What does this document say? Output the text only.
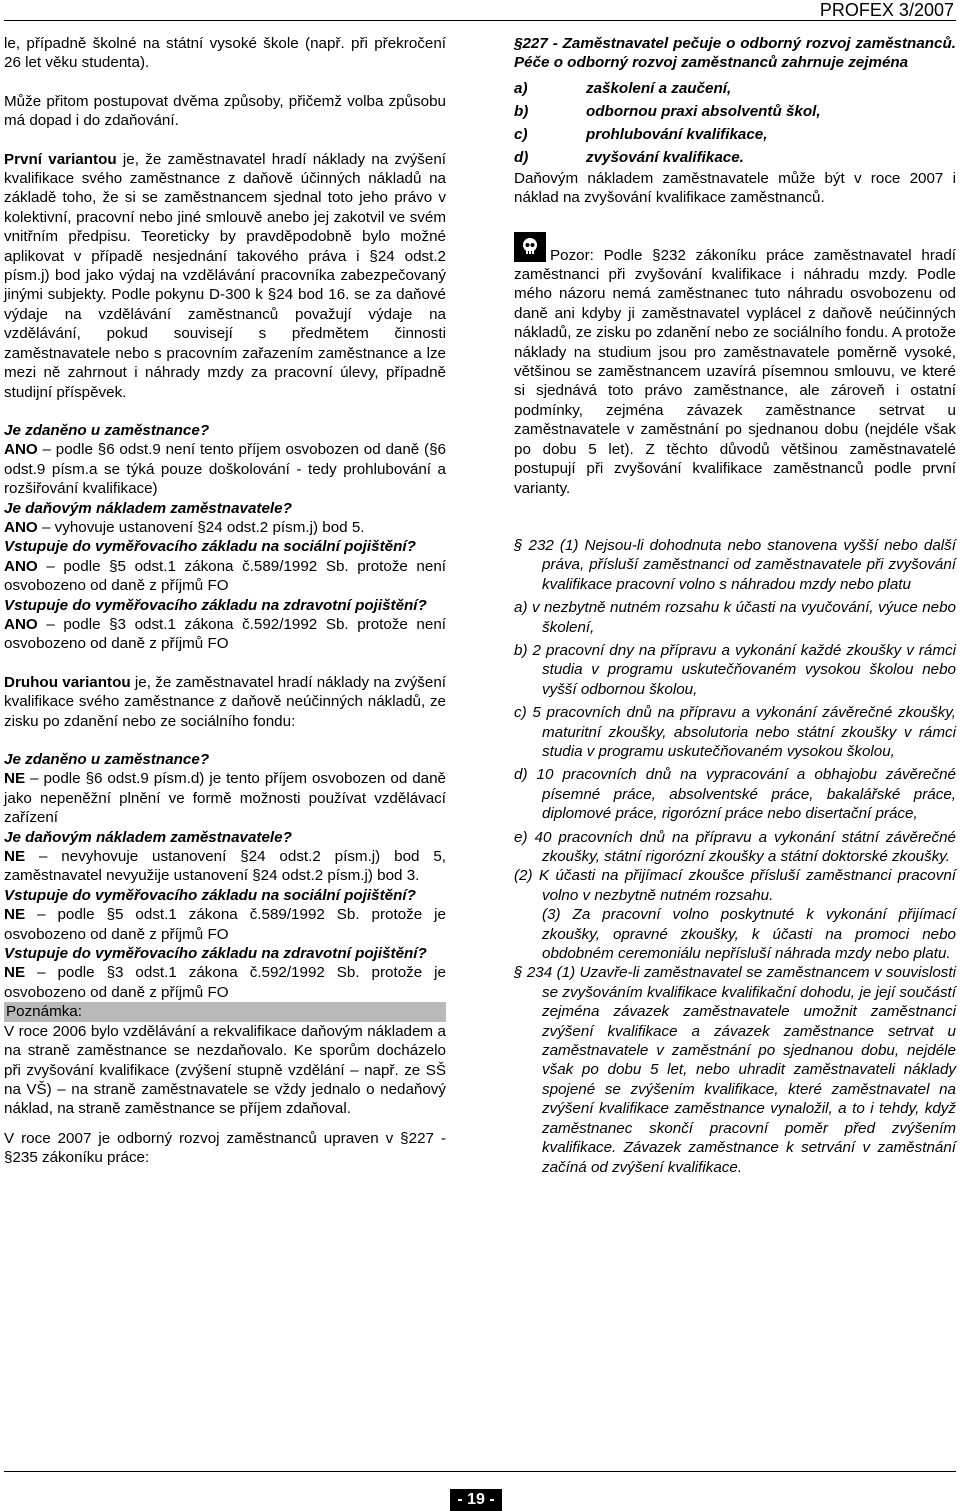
PROFEX 3/2007

le, případně školné na státní vysoké škole (např. při překročení 26 let věku studenta).

Může přitom postupovat dvěma způsoby, přičemž volba způsobu má dopad i do zdaňování.

První variantou je, že zaměstnavatel hradí náklady na zvýšení kvalifikace svého zaměstnance z daňově účinných nákladů na základě toho, že si se zaměstnancem sjednal toto jeho právo v kolektivní, pracovní nebo jiné smlouvě anebo jej zakotvil ve svém vnitřním předpisu. Teoreticky by pravděpodobně bylo možné aplikovat v případě nesjednání takového práva i §24 odst.2 písm.j) bod jako výdaj na vzdělávání pracovníka zabezpečovaný jinými subjekty. Podle pokynu D-300 k §24 bod 16. se za daňové výdaje na vzdělávání zaměstnanců považují výdaje na vzdělávání, pokud souvisejí s předmětem činnosti zaměstnavatele nebo s pracovním zařazením zaměstnance a lze mezi ně zahrnout i náhrady mzdy za pracovní úlevy, případně studijní příspěvek.

Je zdaněno u zaměstnance?

ANO – podle §6 odst.9 není tento příjem osvobozen od daně (§6 odst.9 písm.a se týká pouze doškolování - tedy prohlubování a rozšiřování kvalifikace)

Je daňovým nákladem zaměstnavatele?

ANO – vyhovuje ustanovení §24 odst.2 písm.j) bod 5.

Vstupuje do vyměřovacího základu na sociální pojištění?

ANO – podle §5 odst.1 zákona č.589/1992 Sb. protože není osvobozeno od daně z příjmů FO

Vstupuje do vyměřovacího základu na zdravotní pojištění?

ANO – podle §3 odst.1 zákona č.592/1992 Sb. protože není osvobozeno od daně z příjmů FO

Druhou variantou je, že zaměstnavatel hradí náklady na zvýšení kvalifikace svého zaměstnance z daňově neúčinných nákladů, ze zisku po zdanění nebo ze sociálního fondu:

Je zdaněno u zaměstnance?

NE – podle §6 odst.9 písm.d) je tento příjem osvobozen od daně jako nepeněžní plnění ve formě možnosti používat vzdělávací zařízení

Je daňovým nákladem zaměstnavatele?

NE – nevyhovuje ustanovení §24 odst.2 písm.j) bod 5, zaměstnavatel nevyužije ustanovení §24 odst.2 písm.j) bod 3.

Vstupuje do vyměřovacího základu na sociální pojištění?

NE – podle §5 odst.1 zákona č.589/1992 Sb. protože je osvobozeno od daně z příjmů FO

Vstupuje do vyměřovacího základu na zdravotní pojištění?

NE – podle §3 odst.1 zákona č.592/1992 Sb. protože je osvobozeno od daně z příjmů FO

Poznámka:

V roce 2006 bylo vzdělávání a rekvalifikace daňovým nákladem a na straně zaměstnance se nezdaňovalo. Ke sporům docházelo při zvyšování kvalifikace (zvýšení stupně vzdělání – např. ze SŠ na VŠ) – na straně zaměstnavatele se vždy jednalo o nedaňový náklad, na straně zaměstnance se příjem zdaňoval.

V roce 2007 je odborný rozvoj zaměstnanců upraven v §227 - §235 zákoníku práce:

§227 - Zaměstnavatel pečuje o odborný rozvoj zaměstnanců. Péče o odborný rozvoj zaměstnanců zahrnuje zejména

a)	zaškolení a zaučení,
b)	odbornou praxi absolventů škol,
c)	prohlubování kvalifikace,
d)	zvyšování kvalifikace.

Daňovým nákladem zaměstnavatele může být v roce 2007 i náklad na zvyšování kvalifikace zaměstnanců.

Pozor: Podle §232 zákoníku práce zaměstnavatel hradí zaměstnanci při zvyšování kvalifikace i náhradu mzdy. Podle mého názoru nemá zaměstnanec tuto náhradu osvobozenu od daně ani kdyby ji zaměstnavatel vyplácel z daňově neúčinných nákladů, ze zisku po zdanění nebo ze sociálního fondu. A protože náklady na studium jsou pro zaměstnavatele poměrně vysoké, většinou se zaměstnancem uzavírá písemnou smlouvu, ve které si sjednává toto právo zaměstnance, ale zároveň i ostatní podmínky, zejména závazek zaměstnance setrvat u zaměstnavatele v zaměstnání po sjednanou dobu (nejdéle však po dobu 5 let). Z těchto důvodů většinou zaměstnavatelé postupují při zvyšování kvalifikace zaměstnanců podle první varianty.

§ 232 (1) Nejsou-li dohodnuta nebo stanovena vyšší nebo další práva, přísluší zaměstnanci od zaměstnavatele při zvyšování kvalifikace pracovní volno s náhradou mzdy nebo platu

a) v nezbytně nutném rozsahu k účasti na vyučování, výuce nebo školení,

b) 2 pracovní dny na přípravu a vykonání každé zkoušky v rámci studia v programu uskutečňovaném vysokou školou nebo vyšší odbornou školou,

c) 5 pracovních dnů na přípravu a vykonání závěrečné zkoušky, maturitní zkoušky, absolutoria nebo státní zkoušky v rámci studia v programu uskutečňovaném vysokou školou,

d) 10 pracovních dnů na vypracování a obhajobu závěrečné písemné práce, absolventské práce, bakalářské práce, diplomové práce, rigorózní práce nebo disertační práce,

e) 40 pracovních dnů na přípravu a vykonání státní závěrečné zkoušky, státní rigorózní zkoušky a státní doktorské zkoušky.

(2) K účasti na přijímací zkoušce přísluší zaměstnanci pracovní volno v nezbytně nutném rozsahu.

(3) Za pracovní volno poskytnuté k vykonání přijímací zkoušky, opravné zkoušky, k účasti na promoci nebo obdobném ceremoniálu nepřísluší náhrada mzdy nebo platu.

§ 234 (1) Uzavře-li zaměstnavatel se zaměstnancem v souvislosti se zvyšováním kvalifikace kvalifikační dohodu, je její součástí zejména závazek zaměstnavatele umožnit zaměstnanci zvýšení kvalifikace a závazek zaměstnance setrvat u zaměstnavatele v zaměstnání po sjednanou dobu, nejdéle však po dobu 5 let, nebo uhradit zaměstnavateli náklady spojené se zvýšením kvalifikace, které zaměstnavatel na zvýšení kvalifikace zaměstnance vynaložil, a to i tehdy, když zaměstnanec skončí pracovní poměr před zvýšením kvalifikace. Závazek zaměstnance k setrvání v zaměstnání začíná od zvýšení kvalifikace.

- 19 -
